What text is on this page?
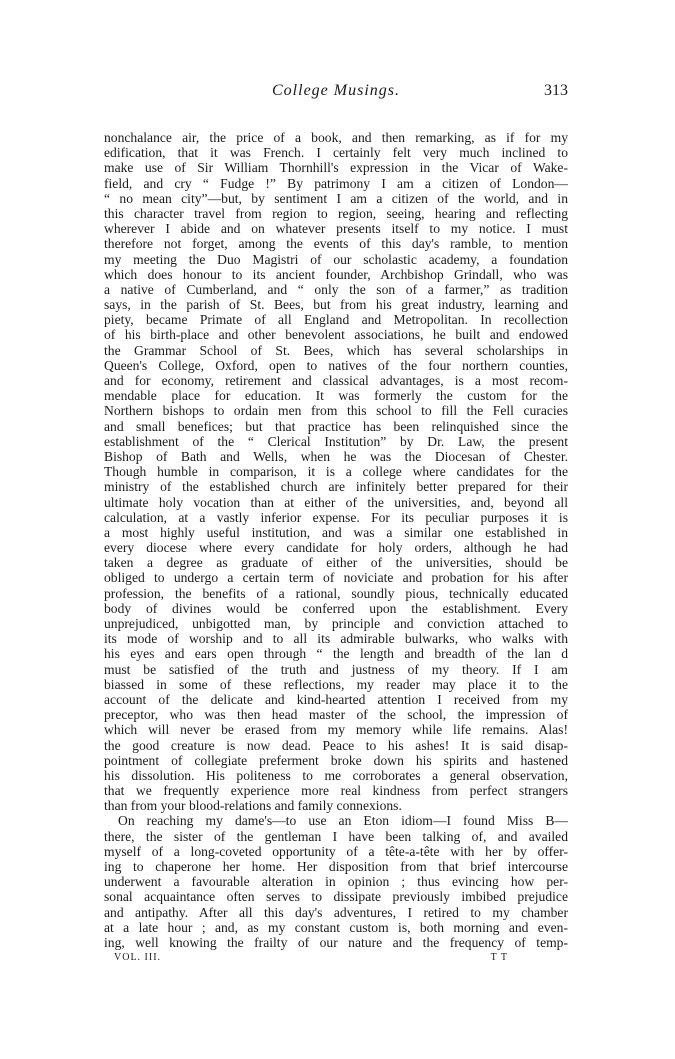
College Musings.	313
nonchalance air, the price of a book, and then remarking, as if for my
edification, that it was French. I certainly felt very much inclined to
make use of Sir William Thornhill's expression in the Vicar of Wake-
field, and cry “ Fudge !” By patrimony I am a citizen of London—
“ no mean city”—but, by sentiment I am a citizen of the world, and in
this character travel from region to region, seeing, hearing and reflecting
wherever I abide and on whatever presents itself to my notice. I must
therefore not forget, among the events of this day's ramble, to mention
my meeting the Duo Magistri of our scholastic academy, a foundation
which does honour to its ancient founder, Archbishop Grindall, who was
a native of Cumberland, and “ only the son of a farmer,” as tradition
says, in the parish of St. Bees, but from his great industry, learning and
piety, became Primate of all England and Metropolitan. In recollection
of his birth-place and other benevolent associations, he built and endowed
the Grammar School of St. Bees, which has several scholarships in
Queen's College, Oxford, open to natives of the four northern counties,
and for economy, retirement and classical advantages, is a most recom-
mendable place for education. It was formerly the custom for the
Northern bishops to ordain men from this school to fill the Fell curacies
and small benefices; but that practice has been relinquished since the
establishment of the “ Clerical Institution” by Dr. Law, the present
Bishop of Bath and Wells, when he was the Diocesan of Chester.
Though humble in comparison, it is a college where candidates for the
ministry of the established church are infinitely better prepared for their
ultimate holy vocation than at either of the universities, and, beyond all
calculation, at a vastly inferior expense. For its peculiar purposes it is
a most highly useful institution, and was a similar one established in
every diocese where every candidate for holy orders, although he had
taken a degree as graduate of either of the universities, should be
obliged to undergo a certain term of noviciate and probation for his after
profession, the benefits of a rational, soundly pious, technically educated
body of divines would be conferred upon the establishment. Every
unprejudiced, unbigotted man, by principle and conviction attached to
its mode of worship and to all its admirable bulwarks, who walks with
his eyes and ears open through “ the length and breadth of the lan d
must be satisfied of the truth and justness of my theory. If I am
biassed in some of these reflections, my reader may place it to the
account of the delicate and kind-hearted attention I received from my
preceptor, who was then head master of the school, the impression of
which will never be erased from my memory while life remains. Alas!
the good creature is now dead. Peace to his ashes! It is said disap-
pointment of collegiate preferment broke down his spirits and hastened
his dissolution. His politeness to me corroborates a general observation,
that we frequently experience more real kindness from perfect strangers
than from your blood-relations and family connexions.
On reaching my dame's—to use an Eton idiom—I found Miss B—
there, the sister of the gentleman I have been talking of, and availed
myself of a long-coveted opportunity of a tête-a-tête with her by offer-
ing to chaperone her home. Her disposition from that brief intercourse
underwent a favourable alteration in opinion ; thus evincing how per-
sonal acquaintance often serves to dissipate previously imbibed prejudice
and antipathy. After all this day's adventures, I retired to my chamber
at a late hour ; and, as my constant custom is, both morning and even-
ing, well knowing the frailty of our nature and the frequency of temp-
VOL. III.	T T
